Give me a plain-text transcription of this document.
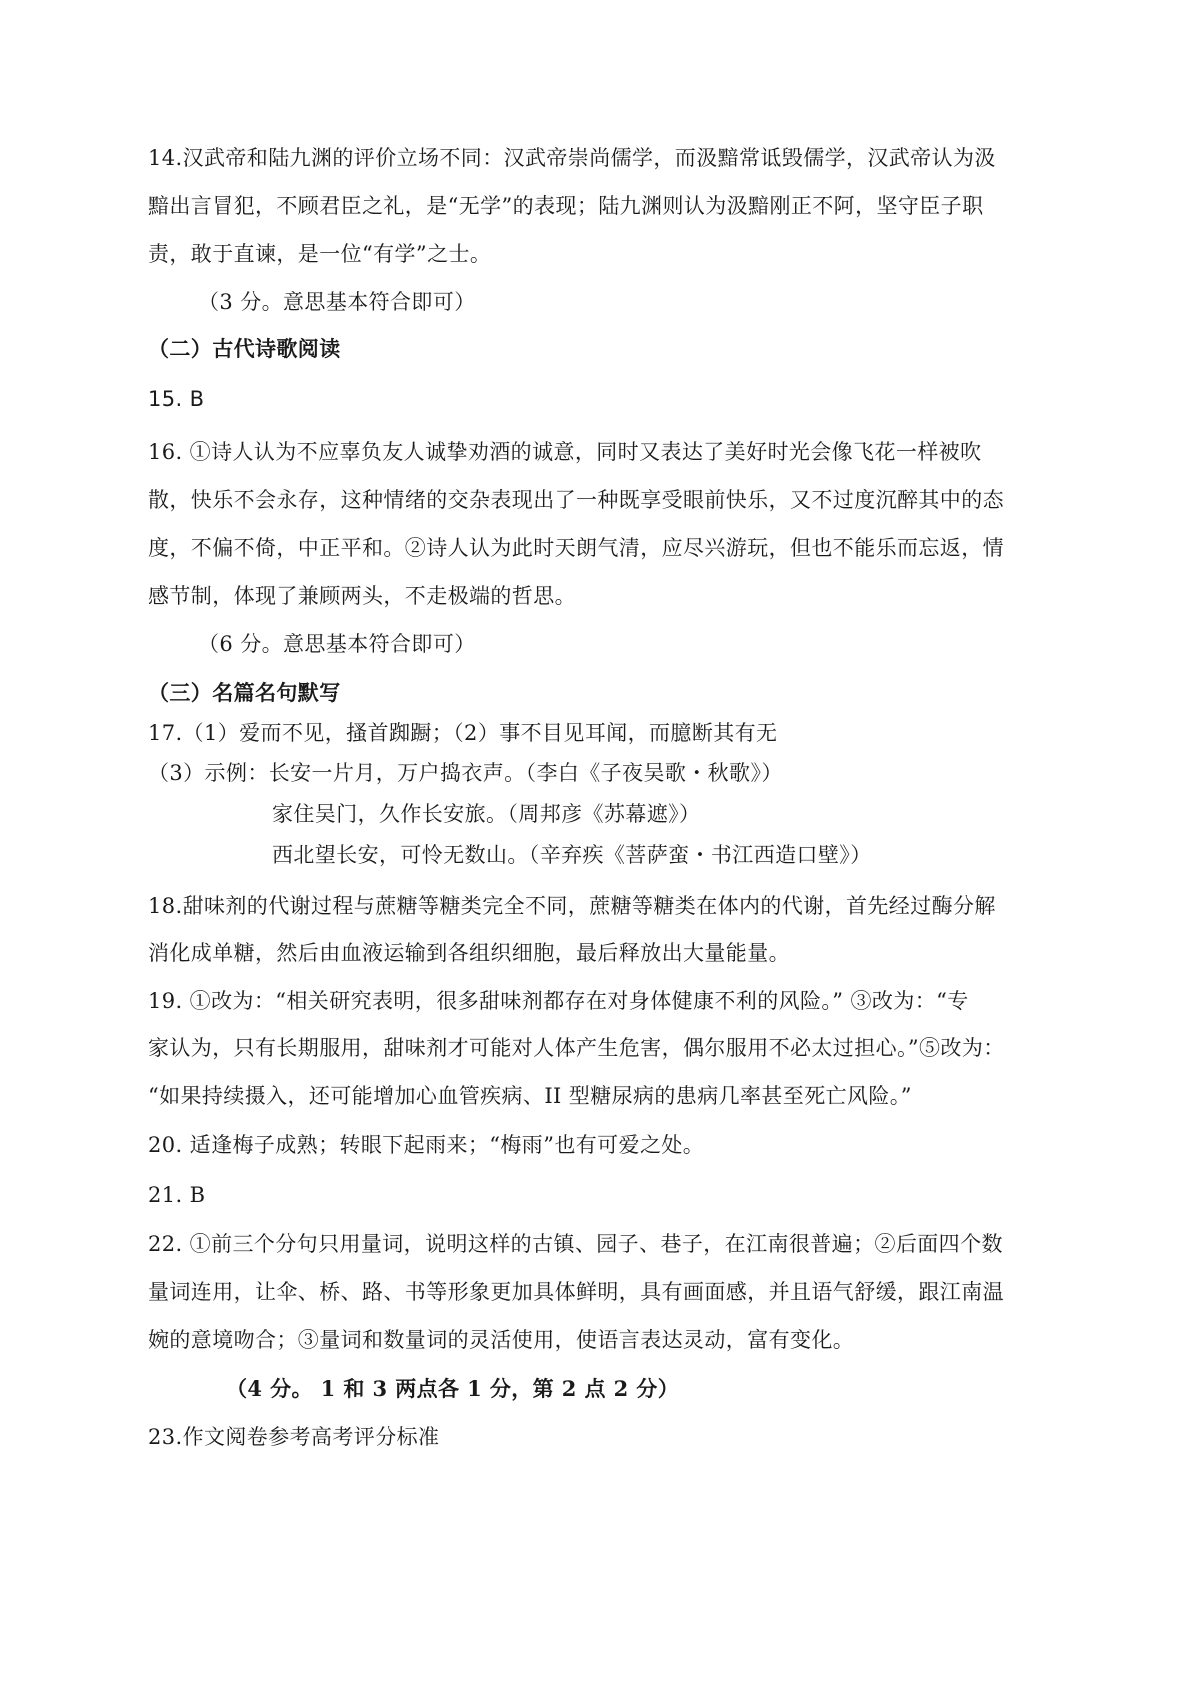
14.汉武帝和陆九渊的评价立场不同：汉武帝崇尚儒学，而汲黯常诋毁儒学，汉武帝认为汲
黯出言冒犯，不顾君臣之礼，是“无学”的表现；陆九渊则认为汲黯刚正不阿，坚守臣子职
责，敢于直谏，是一位“有学”之士。
（3 分。意思基本符合即可）
（二）古代诗歌阅读
15. B
16. ①诗人认为不应辜负友人诚挚劝酒的诚意，同时又表达了美好时光会像飞花一样被吹
散，快乐不会永存，这种情绪的交杂表现出了一种既享受眼前快乐，又不过度沉醉其中的态
度，不偏不倚，中正平和。②诗人认为此时天朗气清，应尽兴游玩，但也不能乐而忘返，情
感节制，体现了兼顾两头，不走极端的哲思。
（6 分。意思基本符合即可）
（三）名篇名句默写
17.（1）爱而不见，搔首踟蹰；（2）事不目见耳闻，而臆断其有无
（3）示例：长安一片月，万户捣衣声。（李白《子夜吴歌・秋歌》）
家住吴门，久作长安旅。（周邦彦《苏幕遮》）
西北望长安，可怜无数山。（辛弃疾《菩萨蛮・书江西造口壁》）
18.甜味剂的代谢过程与蔗糖等糖类完全不同，蔗糖等糖类在体内的代谢，首先经过酶分解
消化成单糖，然后由血液运输到各组织细胞，最后释放出大量能量。
19. ①改为：“相关研究表明，很多甜味剂都存在对身体健康不利的风险。” ③改为：“专
家认为，只有长期服用，甜味剂才可能对人体产生危害，偶尔服用不必太过担心。”⑤改为：
“如果持续摄入，还可能增加心血管疾病、II 型糖尿病的患病几率甚至死亡风险。”
20. 适逢梅子成熟；转眼下起雨来；“梅雨”也有可爱之处。
21. B
22. ①前三个分句只用量词，说明这样的古镇、园子、巷子，在江南很普遍；②后面四个数
量词连用，让伞、桥、路、书等形象更加具体鲜明，具有画面感，并且语气舒缓，跟江南温
婉的意境吻合；③量词和数量词的灵活使用，使语言表达灵动，富有变化。
（4 分。 1 和 3 两点各 1 分，第 2 点 2 分）
23.作文阅卷参考高考评分标准
